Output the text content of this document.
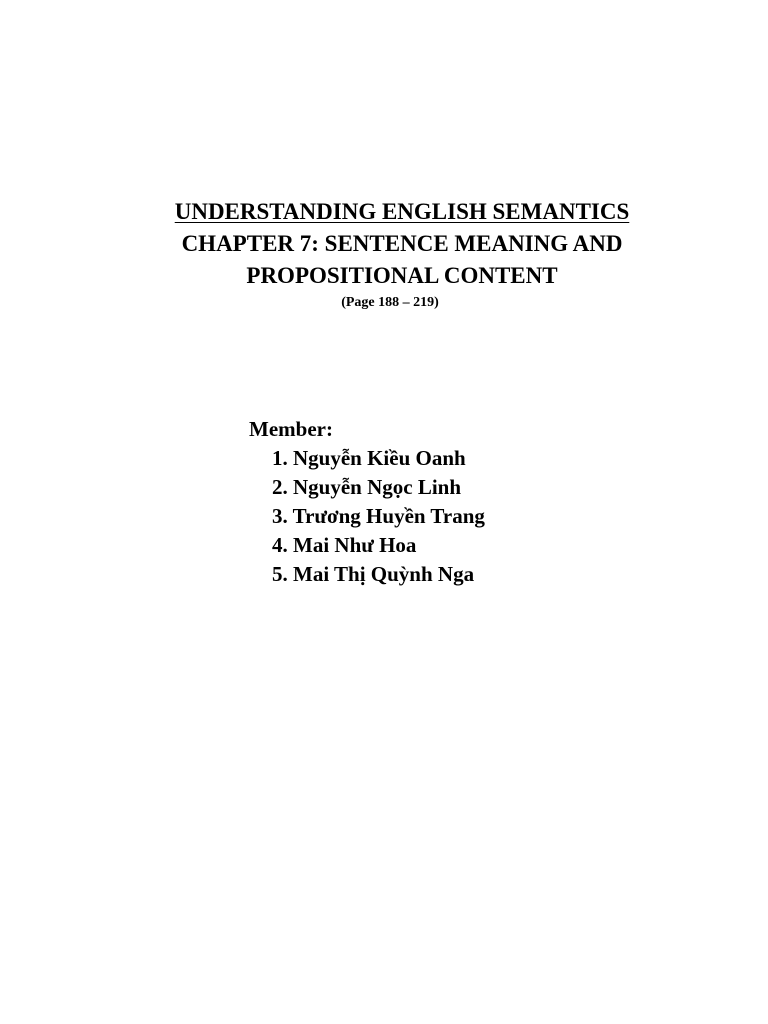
UNDERSTANDING ENGLISH SEMANTICS
CHAPTER 7: SENTENCE MEANING AND
PROPOSITIONAL CONTENT
(Page 188 – 219)
Member:
1. Nguyễn Kiều Oanh
2. Nguyễn Ngọc Linh
3. Trương Huyền Trang
4. Mai Như Hoa
5. Mai Thị Quỳnh Nga
